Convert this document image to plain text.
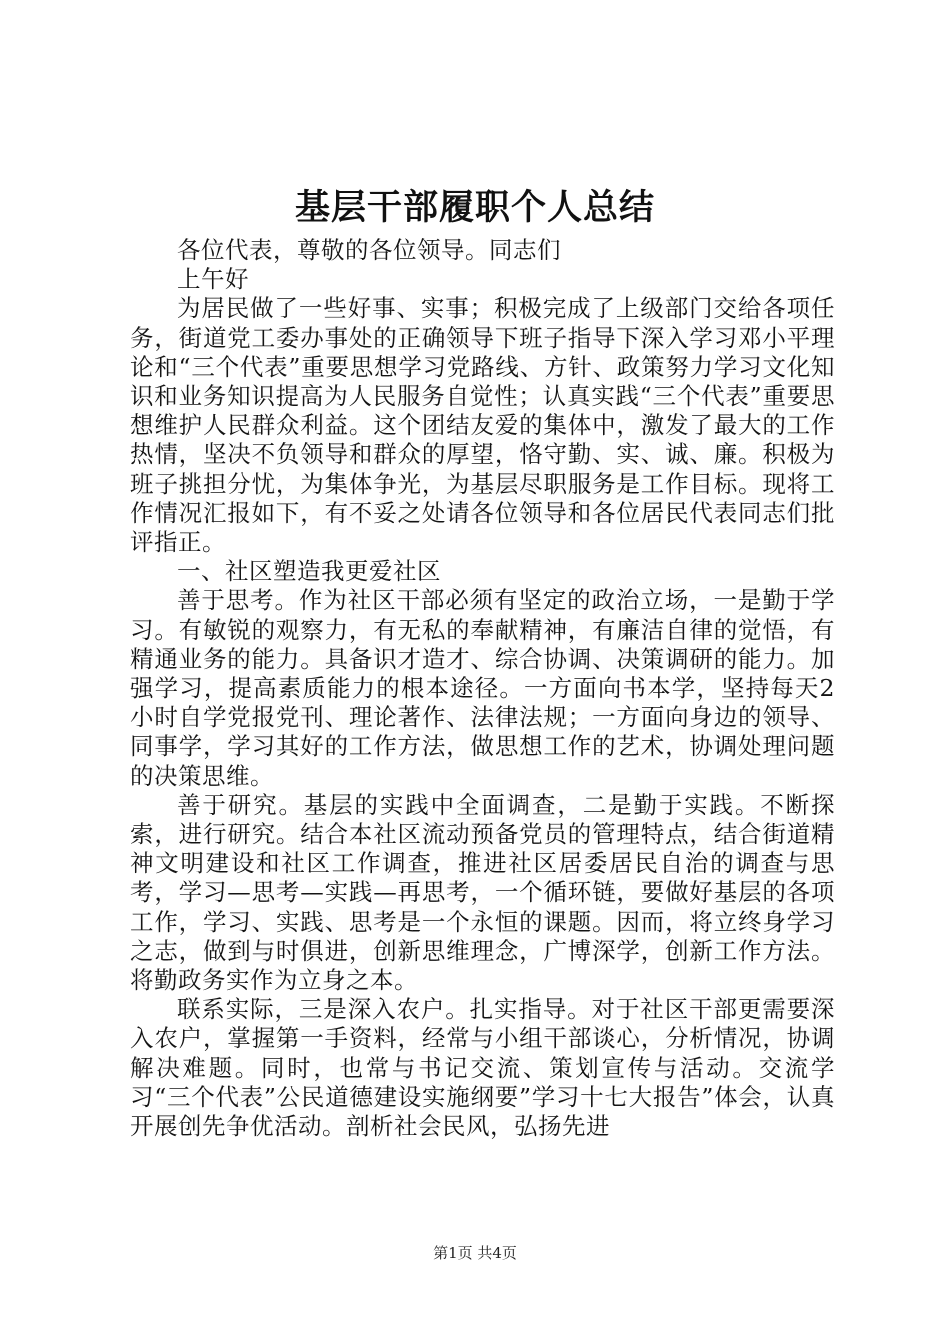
基层干部履职个人总结

各位代表，尊敬的各位领导。同志们

上午好

为居民做了一些好事、实事；积极完成了上级部门交给各项任务，街道党工委办事处的正确领导下班子指导下深入学习邓小平理论和“三个代表”重要思想学习党路线、方针、政策努力学习文化知识和业务知识提高为人民服务自觉性；认真实践“三个代表”重要思想维护人民群众利益。这个团结友爱的集体中，激发了最大的工作热情，坚决不负领导和群众的厚望，恪守勤、实、诚、廉。积极为班子挑担分忧，为集体争光，为基层尽职服务是工作目标。现将工作情况汇报如下，有不妥之处请各位领导和各位居民代表同志们批评指正。

一、社区塑造我更爱社区

善于思考。作为社区干部必须有坚定的政治立场，一是勤于学习。有敏锐的观察力，有无私的奉献精神，有廉洁自律的觉悟，有精通业务的能力。具备识才造才、综合协调、决策调研的能力。加强学习，提高素质能力的根本途径。一方面向书本学，坚持每天2小时自学党报党刊、理论著作、法律法规；一方面向身边的领导、同事学，学习其好的工作方法，做思想工作的艺术，协调处理问题的决策思维。

善于研究。基层的实践中全面调查，二是勤于实践。不断探索，进行研究。结合本社区流动预备党员的管理特点，结合街道精神文明建设和社区工作调查，推进社区居委居民自治的调查与思考，学习—思考—实践—再思考，一个循环链，要做好基层的各项工作，学习、实践、思考是一个永恒的课题。因而，将立终身学习之志，做到与时俱进，创新思维理念，广博深学，创新工作方法。将勤政务实作为立身之本。

联系实际，三是深入农户。扎实指导。对于社区干部更需要深入农户，掌握第一手资料，经常与小组干部谈心，分析情况，协调解决难题。同时，也常与书记交流、策划宣传与活动。交流学习“三个代表”公民道德建设实施纲要”学习十七大报告”体会，认真开展创先争优活动。剖析社会民风，弘扬先进

第1页 共4页
